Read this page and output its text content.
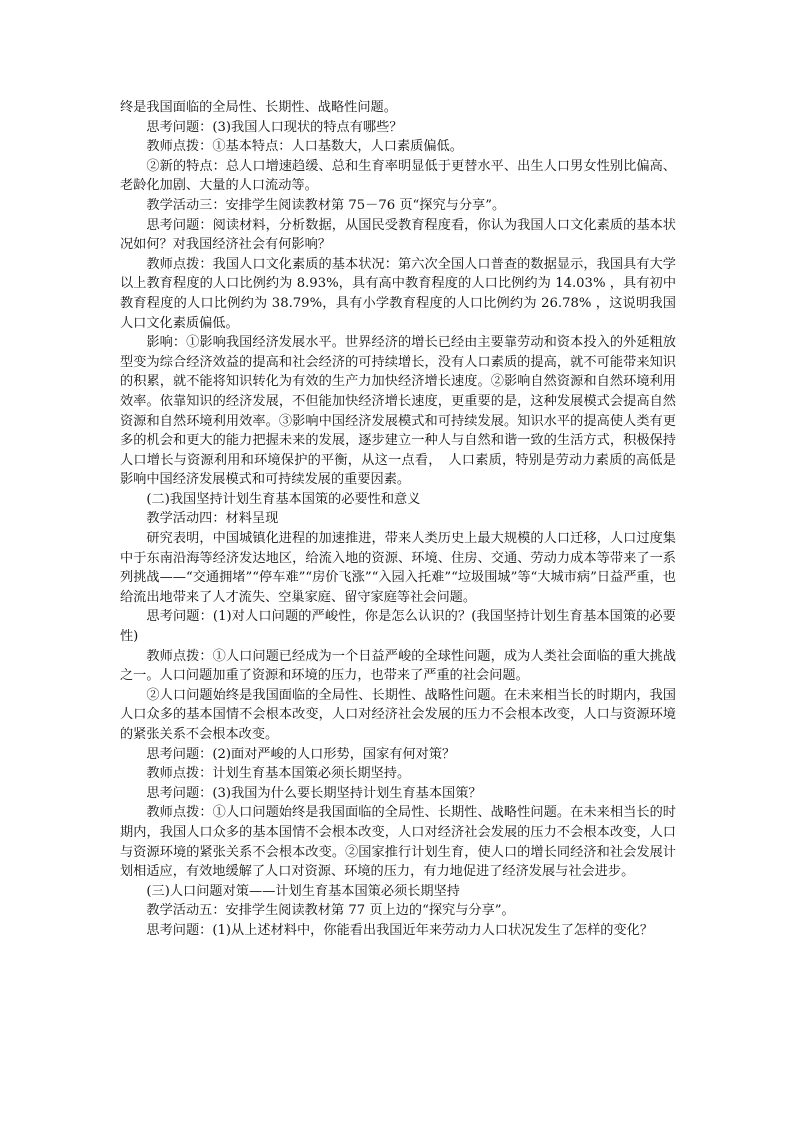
终是我国面临的全局性、长期性、战略性问题。

思考问题：(3)我国人口现状的特点有哪些？

教师点拨：①基本特点：人口基数大，人口素质偏低。

②新的特点：总人口增速趋缓、总和生育率明显低于更替水平、出生人口男女性别比偏高、老龄化加剧、大量的人口流动等。

教学活动三：安排学生阅读教材第 75－76 页“探究与分享”。

思考问题：阅读材料，分析数据，从国民受教育程度看，你认为我国人口文化素质的基本状况如何？对我国经济社会有何影响？

教师点拨：我国人口文化素质的基本状况：第六次全国人口普查的数据显示，我国具有大学以上教育程度的人口比例约为 8.93%，具有高中教育程度的人口比例约为 14.03% ，具有初中教育程度的人口比例约为 38.79%，具有小学教育程度的人口比例约为 26.78% ，这说明我国人口文化素质偏低。

影响：①影响我国经济发展水平。世界经济的增长已经由主要靠劳动和资本投入的外延粗放型变为综合经济效益的提高和社会经济的可持续增长，没有人口素质的提高，就不可能带来知识的积累，就不能将知识转化为有效的生产力加快经济增长速度。②影响自然资源和自然环境利用效率。依靠知识的经济发展，不但能加快经济增长速度，更重要的是，这种发展模式会提高自然资源和自然环境利用效率。③影响中国经济发展模式和可持续发展。知识水平的提高使人类有更多的机会和更大的能力把握未来的发展，逐步建立一种人与自然和谐一致的生活方式，积极保持人口增长与资源利用和环境保护的平衡，从这一点看，　人口素质，特别是劳动力素质的高低是影响中国经济发展模式和可持续发展的重要因素。

(二)我国坚持计划生育基本国策的必要性和意义

教学活动四：材料呈现

研究表明，中国城镇化进程的加速推进，带来人类历史上最大规模的人口迁移，人口过度集中于东南沿海等经济发达地区，给流入地的资源、环境、住房、交通、劳动力成本等带来了一系列挑战——“交通拥堵”“停车难”“房价飞涨”“入园入托难”“垃圾围城”等“大城市病”日益严重，也给流出地带来了人才流失、空巢家庭、留守家庭等社会问题。

思考问题：(1)对人口问题的严峻性，你是怎么认识的？(我国坚持计划生育基本国策的必要性)

教师点拨：①人口问题已经成为一个日益严峻的全球性问题，成为人类社会面临的重大挑战之一。人口问题加重了资源和环境的压力，也带来了严重的社会问题。

②人口问题始终是我国面临的全局性、长期性、战略性问题。在未来相当长的时期内，我国人口众多的基本国情不会根本改变，人口对经济社会发展的压力不会根本改变，人口与资源环境的紧张关系不会根本改变。

思考问题：(2)面对严峻的人口形势，国家有何对策？

教师点拨：计划生育基本国策必须长期坚持。

思考问题：(3)我国为什么要长期坚持计划生育基本国策？

教师点拨：①人口问题始终是我国面临的全局性、长期性、战略性问题。在未来相当长的时期内，我国人口众多的基本国情不会根本改变，人口对经济社会发展的压力不会根本改变，人口与资源环境的紧张关系不会根本改变。②国家推行计划生育，使人口的增长同经济和社会发展计划相适应，有效地缓解了人口对资源、环境的压力，有力地促进了经济发展与社会进步。

(三)人口问题对策——计划生育基本国策必须长期坚持

教学活动五：安排学生阅读教材第 77 页上边的“探究与分享”。

思考问题：(1)从上述材料中，你能看出我国近年来劳动力人口状况发生了怎样的变化？
